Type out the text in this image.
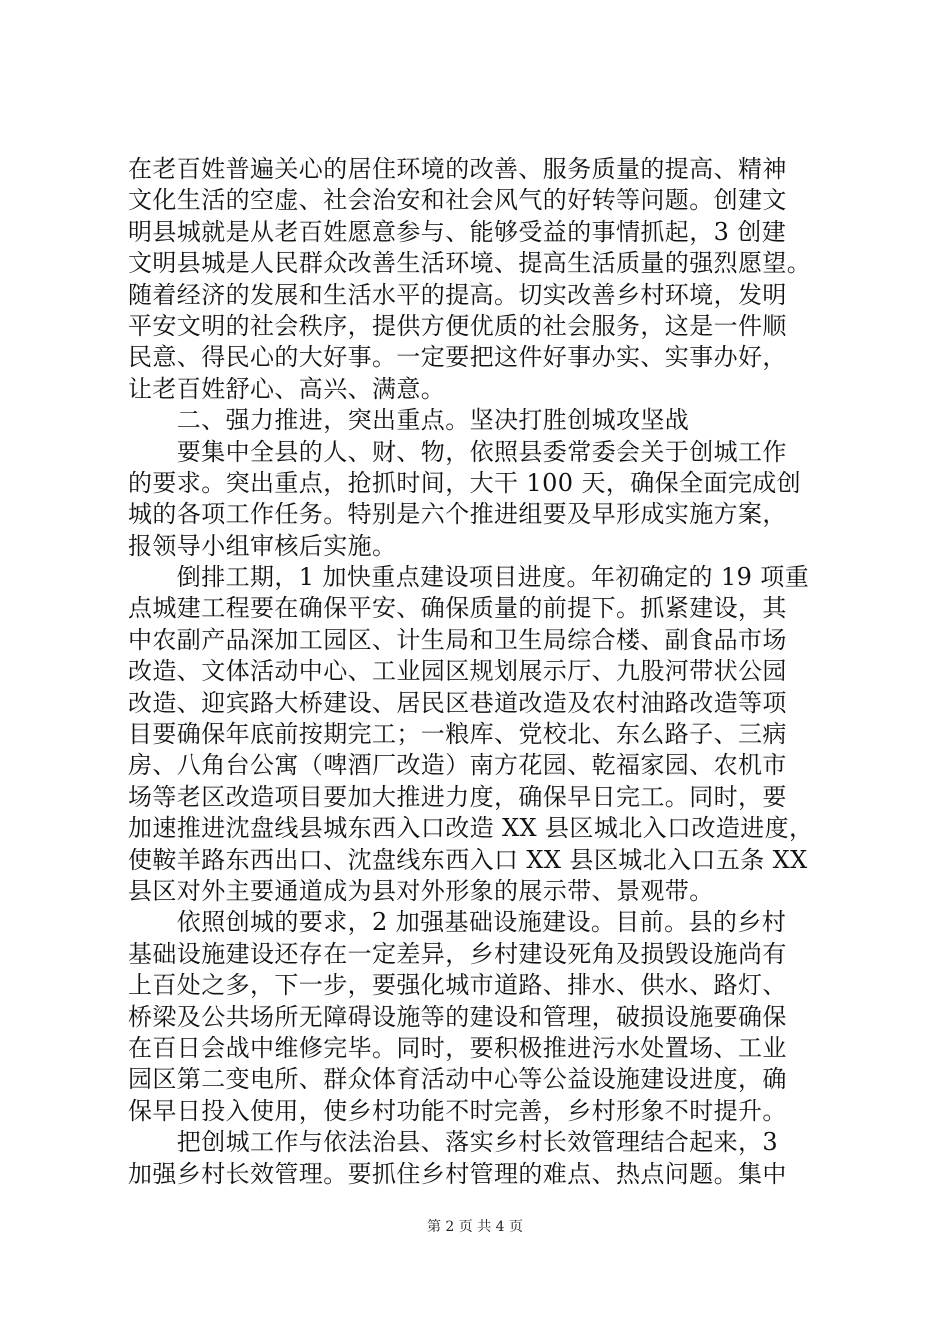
在老百姓普遍关心的居住环境的改善、服务质量的提高、精神
文化生活的空虚、社会治安和社会风气的好转等问题。创建文
明县城就是从老百姓愿意参与、能够受益的事情抓起，3 创建
文明县城是人民群众改善生活环境、提高生活质量的强烈愿望。
随着经济的发展和生活水平的提高。切实改善乡村环境，发明
平安文明的社会秩序，提供方便优质的社会服务，这是一件顺
民意、得民心的大好事。一定要把这件好事办实、实事办好，
让老百姓舒心、高兴、满意。
　　二、强力推进，突出重点。坚决打胜创城攻坚战
　　要集中全县的人、财、物，依照县委常委会关于创城工作
的要求。突出重点，抢抓时间，大干 100 天，确保全面完成创
城的各项工作任务。特别是六个推进组要及早形成实施方案，
报领导小组审核后实施。
　　倒排工期，1 加快重点建设项目进度。年初确定的 19 项重
点城建工程要在确保平安、确保质量的前提下。抓紧建设，其
中农副产品深加工园区、计生局和卫生局综合楼、副食品市场
改造、文体活动中心、工业园区规划展示厅、九股河带状公园
改造、迎宾路大桥建设、居民区巷道改造及农村油路改造等项
目要确保年底前按期完工；一粮库、党校北、东么路子、三病
房、八角台公寓（啤酒厂改造）南方花园、乾福家园、农机市
场等老区改造项目要加大推进力度，确保早日完工。同时，要
加速推进沈盘线县城东西入口改造 XX 县区城北入口改造进度，
使鞍羊路东西出口、沈盘线东西入口 XX 县区城北入口五条 XX
县区对外主要通道成为县对外形象的展示带、景观带。
　　依照创城的要求，2 加强基础设施建设。目前。县的乡村
基础设施建设还存在一定差异，乡村建设死角及损毁设施尚有
上百处之多，下一步，要强化城市道路、排水、供水、路灯、
桥梁及公共场所无障碍设施等的建设和管理，破损设施要确保
在百日会战中维修完毕。同时，要积极推进污水处置场、工业
园区第二变电所、群众体育活动中心等公益设施建设进度，确
保早日投入使用，使乡村功能不时完善，乡村形象不时提升。
　　把创城工作与依法治县、落实乡村长效管理结合起来，3
加强乡村长效管理。要抓住乡村管理的难点、热点问题。集中
第 2 页 共 4 页
